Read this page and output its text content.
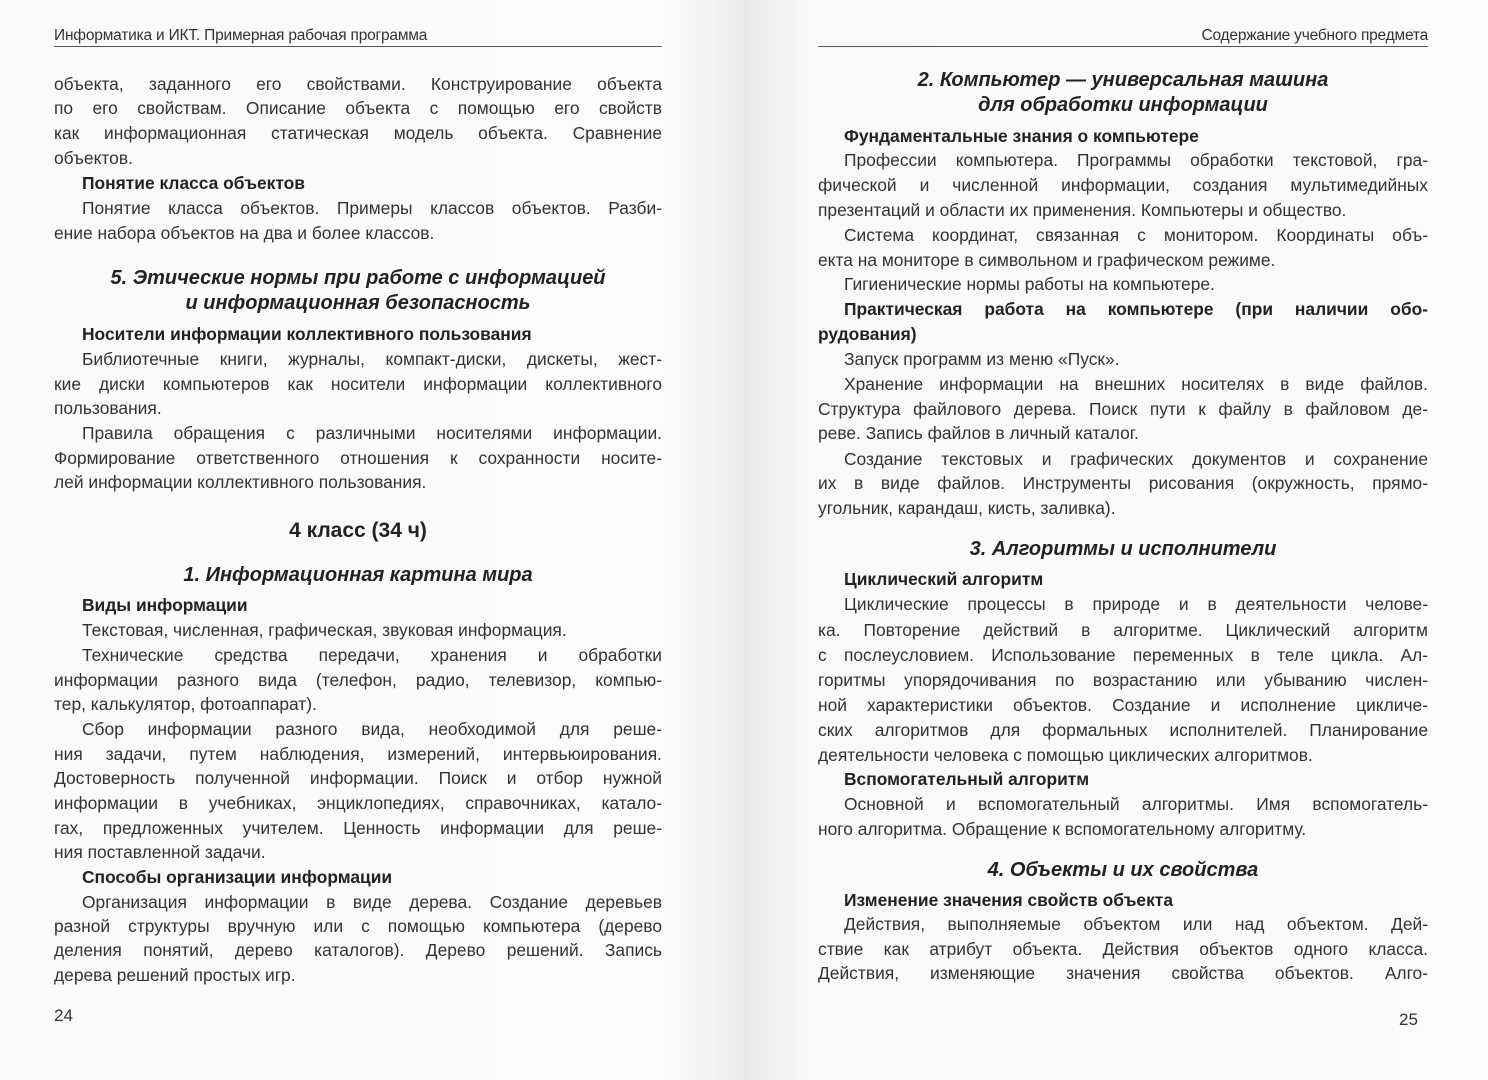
Информатика и ИКТ. Примерная рабочая программа
объекта, заданного его свойствами. Конструирование объекта
по его свойствам. Описание объекта с помощью его свойств
как информационная статическая модель объекта. Сравнение
объектов.
Понятие класса объектов
Понятие класса объектов. Примеры классов объектов. Разби-
ение набора объектов на два и более классов.
5. Этические нормы при работе с информацией
и информационная безопасность
Носители информации коллективного пользования
Библиотечные книги, журналы, компакт-диски, дискеты, жест-
кие диски компьютеров как носители информации коллективного
пользования.
Правила обращения с различными носителями информации.
Формирование ответственного отношения к сохранности носите-
лей информации коллективного пользования.
4 класс (34 ч)
1. Информационная картина мира
Виды информации
Текстовая, численная, графическая, звуковая информация.
Технические средства передачи, хранения и обработки
информации разного вида (телефон, радио, телевизор, компью-
тер, калькулятор, фотоаппарат).
Сбор информации разного вида, необходимой для реше-
ния задачи, путем наблюдения, измерений, интервьюирования.
Достоверность полученной информации. Поиск и отбор нужной
информации в учебниках, энциклопедиях, справочниках, катало-
гах, предложенных учителем. Ценность информации для реше-
ния поставленной задачи.
Способы организации информации
Организация информации в виде дерева. Создание деревьев
разной структуры вручную или с помощью компьютера (дерево
деления понятий, дерево каталогов). Дерево решений. Запись
дерева решений простых игр.
24
Содержание учебного предмета
2. Компьютер — универсальная машина
для обработки информации
Фундаментальные знания о компьютере
Профессии компьютера. Программы обработки текстовой, гра-
фической и численной информации, создания мультимедийных
презентаций и области их применения. Компьютеры и общество.
Система координат, связанная с монитором. Координаты объ-
екта на мониторе в символьном и графическом режиме.
Гигиенические нормы работы на компьютере.
Практическая работа на компьютере (при наличии обо-
рудования)
Запуск программ из меню «Пуск».
Хранение информации на внешних носителях в виде файлов.
Структура файлового дерева. Поиск пути к файлу в файловом де-
реве. Запись файлов в личный каталог.
Создание текстовых и графических документов и сохранение
их в виде файлов. Инструменты рисования (окружность, прямо-
угольник, карандаш, кисть, заливка).
3. Алгоритмы и исполнители
Циклический алгоритм
Циклические процессы в природе и в деятельности челове-
ка. Повторение действий в алгоритме. Циклический алгоритм
с послеусловием. Использование переменных в теле цикла. Ал-
горитмы упорядочивания по возрастанию или убыванию числен-
ной характеристики объектов. Создание и исполнение цикличе-
ских алгоритмов для формальных исполнителей. Планирование
деятельности человека с помощью циклических алгоритмов.
Вспомогательный алгоритм
Основной и вспомогательный алгоритмы. Имя вспомогатель-
ного алгоритма. Обращение к вспомогательному алгоритму.
4. Объекты и их свойства
Изменение значения свойств объекта
Действия, выполняемые объектом или над объектом. Дей-
ствие как атрибут объекта. Действия объектов одного класса.
Действия, изменяющие значения свойства объектов. Алго-
25
